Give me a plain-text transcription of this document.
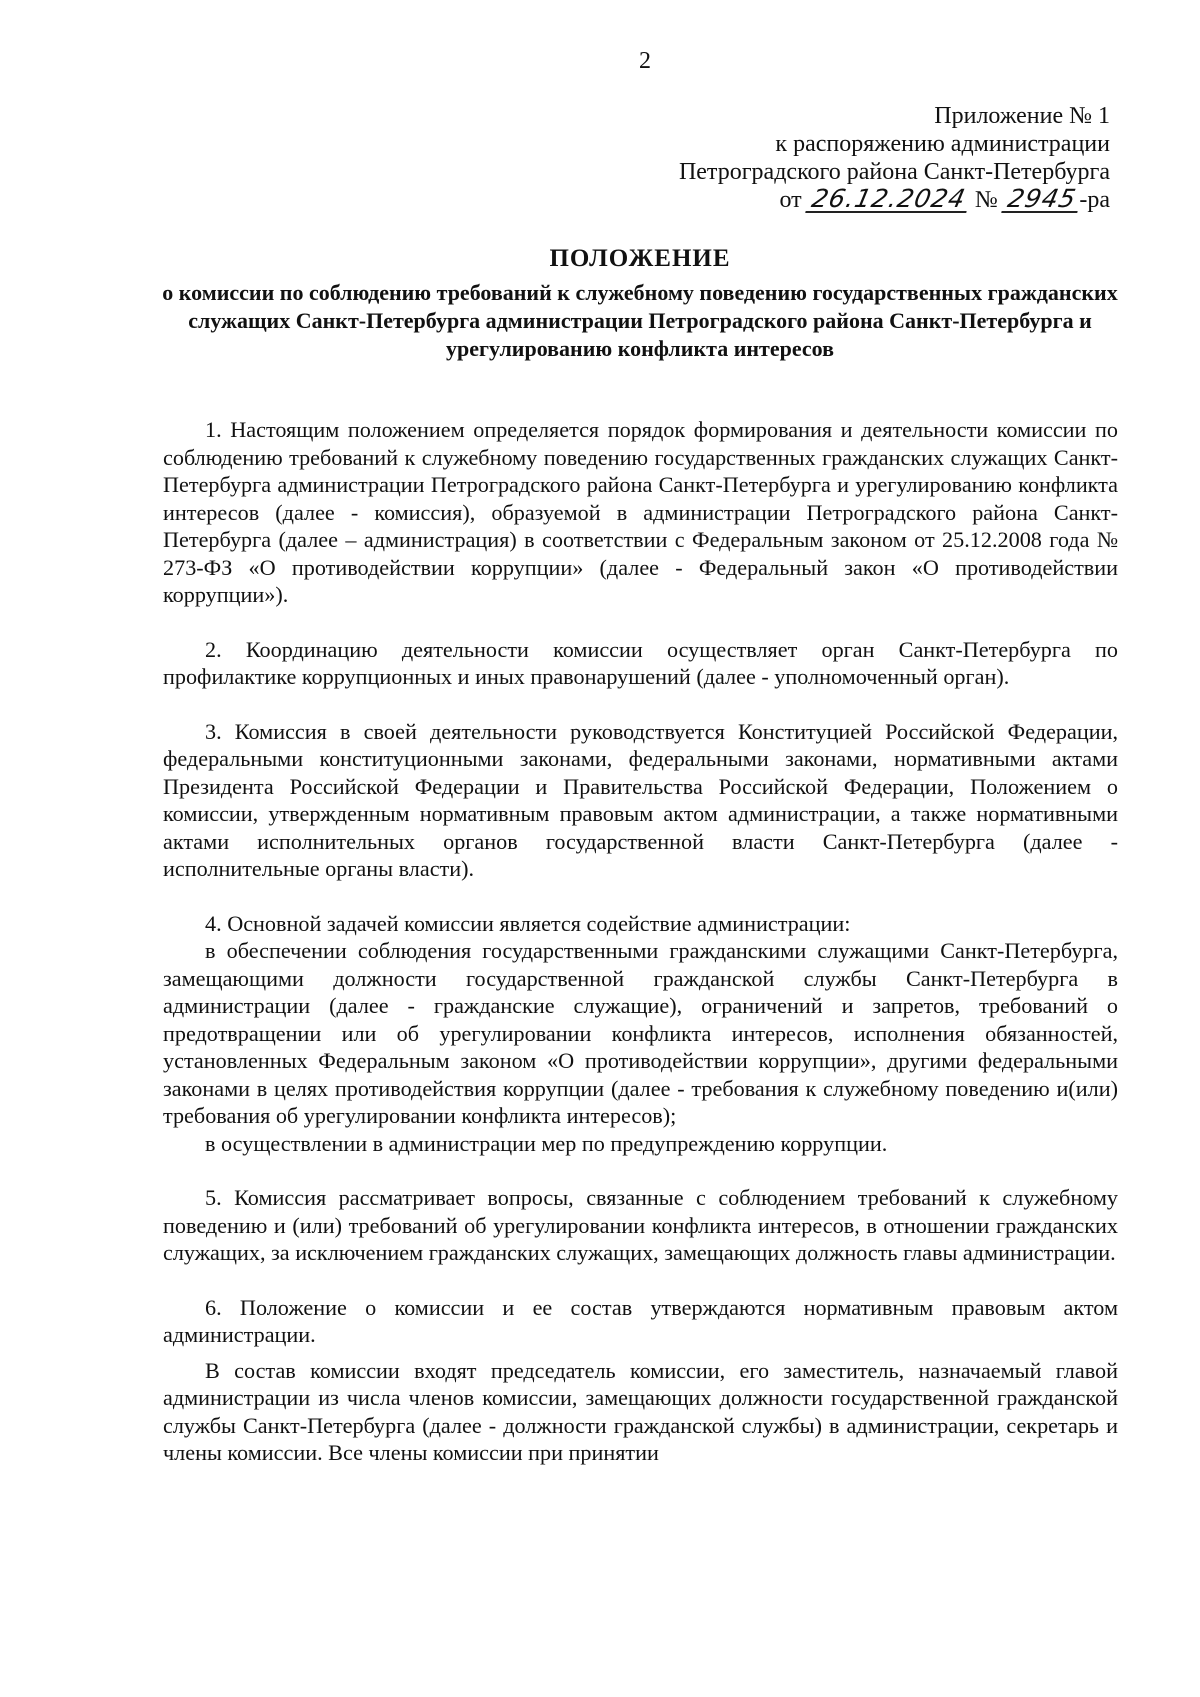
2
Приложение № 1
к распоряжению администрации
Петроградского района Санкт-Петербурга
от 26.12.2024 № 2945-ра
ПОЛОЖЕНИЕ
о комиссии по соблюдению требований к служебному поведению государственных гражданских служащих Санкт-Петербурга администрации Петроградского района Санкт-Петербурга и урегулированию конфликта интересов

1. Настоящим положением определяется порядок формирования и деятельности комиссии по соблюдению требований к служебному поведению государственных гражданских служащих Санкт-Петербурга администрации Петроградского района Санкт-Петербурга и урегулированию конфликта интересов (далее - комиссия), образуемой в администрации Петроградского района Санкт-Петербурга (далее – администрация) в соответствии с Федеральным законом от 25.12.2008 года № 273-ФЗ «О противодействии коррупции» (далее - Федеральный закон «О противодействии коррупции»).

2. Координацию деятельности комиссии осуществляет орган Санкт-Петербурга по профилактике коррупционных и иных правонарушений (далее - уполномоченный орган).

3. Комиссия в своей деятельности руководствуется Конституцией Российской Федерации, федеральными конституционными законами, федеральными законами, нормативными актами Президента Российской Федерации и Правительства Российской Федерации, Положением о комиссии, утвержденным нормативным правовым актом администрации, а также нормативными актами исполнительных органов государственной власти Санкт-Петербурга (далее - исполнительные органы власти).

4. Основной задачей комиссии является содействие администрации:

в обеспечении соблюдения государственными гражданскими служащими Санкт-Петербурга, замещающими должности государственной гражданской службы Санкт-Петербурга в администрации (далее - гражданские служащие), ограничений и запретов, требований о предотвращении или об урегулировании конфликта интересов, исполнения обязанностей, установленных Федеральным законом «О противодействии коррупции», другими федеральными законами в целях противодействия коррупции (далее - требования к служебному поведению и(или) требования об урегулировании конфликта интересов);

в осуществлении в администрации мер по предупреждению коррупции.

5. Комиссия рассматривает вопросы, связанные с соблюдением требований к служебному поведению и (или) требований об урегулировании конфликта интересов, в отношении гражданских служащих, за исключением гражданских служащих, замещающих должность главы администрации.

6. Положение о комиссии и ее состав утверждаются нормативным правовым актом администрации.

В состав комиссии входят председатель комиссии, его заместитель, назначаемый главой администрации из числа членов комиссии, замещающих должности государственной гражданской службы Санкт-Петербурга (далее - должности гражданской службы) в администрации, секретарь и члены комиссии. Все члены комиссии при принятии
